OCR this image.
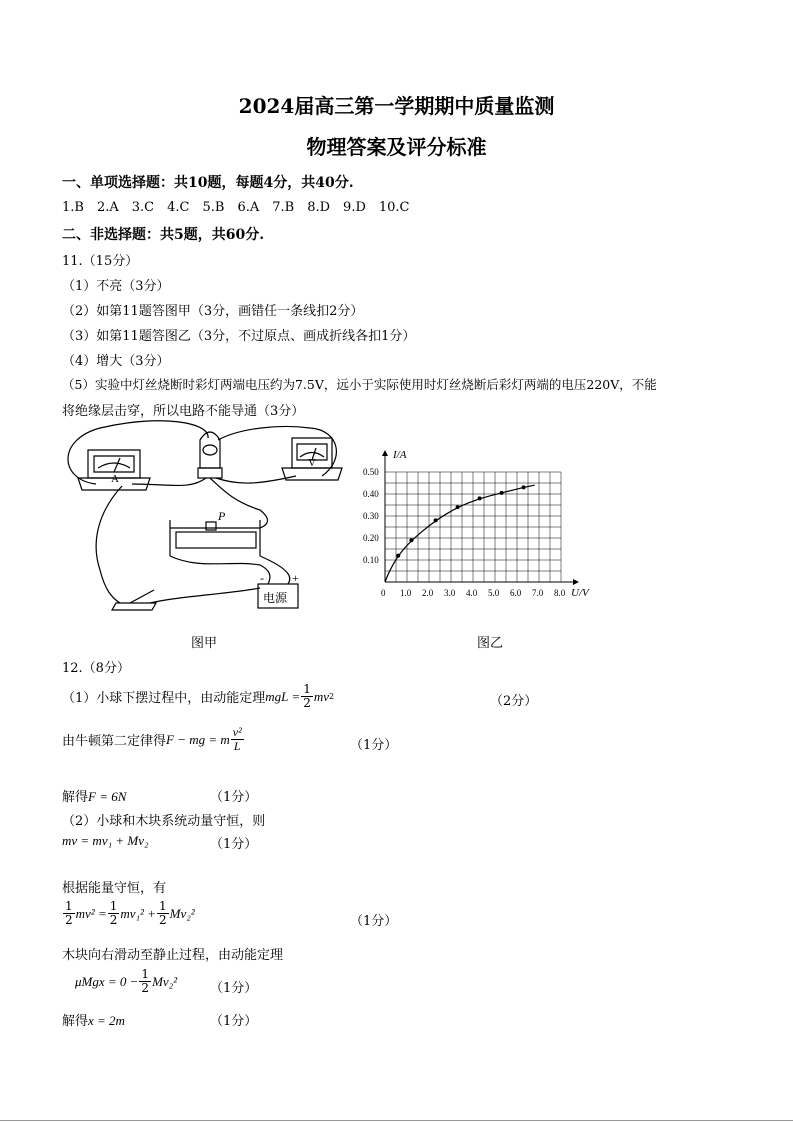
2024届高三第一学期期中质量监测
物理答案及评分标准
一、单项选择题：共10题，每题4分，共40分.
1.B 2.A 3.C 4.C 5.B 6.A 7.B 8.D 9.D 10.C
二、非选择题：共5题，共60分.
11.（15分）
（1）不亮（3分）
（2）如第11题答图甲（3分，画错任一条线扣2分）
（3）如第11题答图乙（3分，不过原点、画成折线各扣1分）
（4）增大（3分）
（5）实验中灯丝烧断时彩灯两端电压约为7.5V，远小于实际使用时灯丝烧断后彩灯两端的电压220V，不能
将绝缘层击穿，所以电路不能导通（3分）
A
V
P
电源
- +
图甲
I/A
U/V
0 1.0 2.0 3.0 4.0 5.0 6.0 7.0 8.0
0.10
0.20
0.30
0.40
0.50
图乙
12.（8分）
（1）小球下摆过程中，由动能定理 mgL = $\frac{1}{2}$ mv 2	（2分）
由牛顿第二定律得 F − mg = m $\frac{\text{v²}}{L}$	（1分）
解得F = 6N	（1分）
（2）小球和木块系统动量守恒，则
mv = mv₁ + Mv₂	（1分）
根据能量守恒，有
$\frac{1}{2} mv^2 = \frac{1}{2} mv_1^2 + \frac{1}{2} Mv_2^2$
（1分）
木块向右滑动至静止过程，由动能定理
$\mu Mgx = 0 - \frac{1}{2} Mv_2^2$	（1分）
解得x = 2m	（1分）
